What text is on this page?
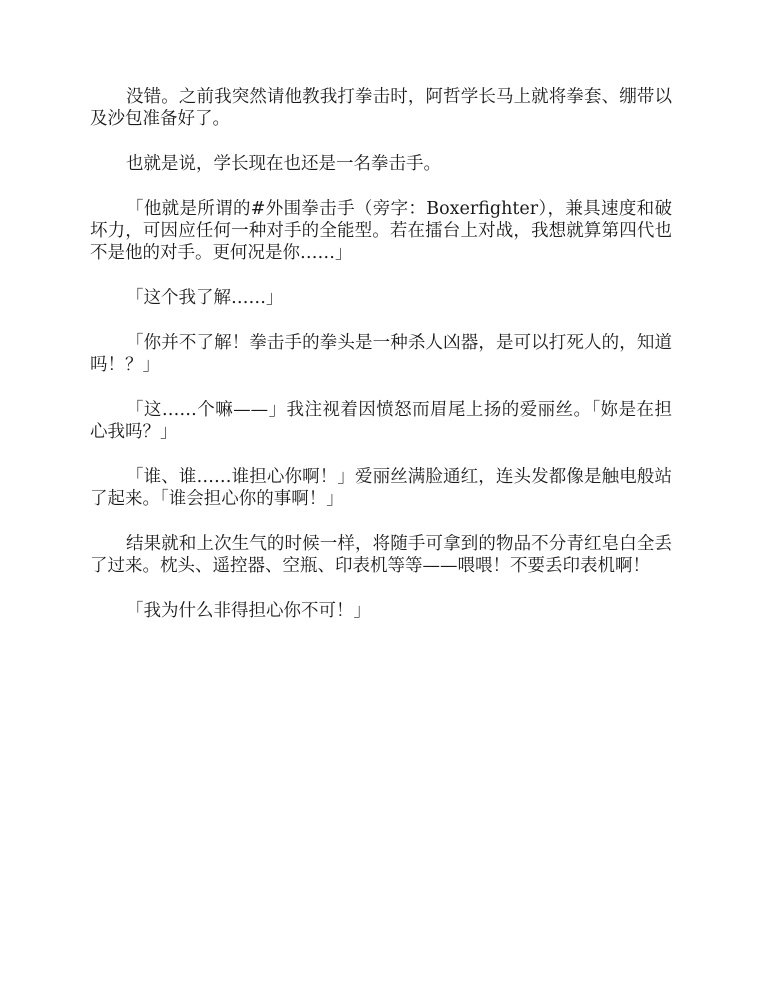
没错。之前我突然请他教我打拳击时，阿哲学长马上就将拳套、绷带以及沙包准备好了。

也就是说，学长现在也还是一名拳击手。

「他就是所谓的#外围拳击手（旁字：Boxerfighter），兼具速度和破坏力，可因应任何一种对手的全能型。若在擂台上对战，我想就算第四代也不是他的对手。更何况是你……」

「这个我了解……」

「你并不了解！拳击手的拳头是一种杀人凶器，是可以打死人的，知道吗！？」

「这……个嘛——」我注视着因愤怒而眉尾上扬的爱丽丝。「妳是在担心我吗？」

「谁、谁……谁担心你啊！」爱丽丝满脸通红，连头发都像是触电般站了起来。「谁会担心你的事啊！」

结果就和上次生气的时候一样，将随手可拿到的物品不分青红皂白全丢了过来。枕头、遥控器、空瓶、印表机等等——喂喂！不要丢印表机啊！

「我为什么非得担心你不可！」
